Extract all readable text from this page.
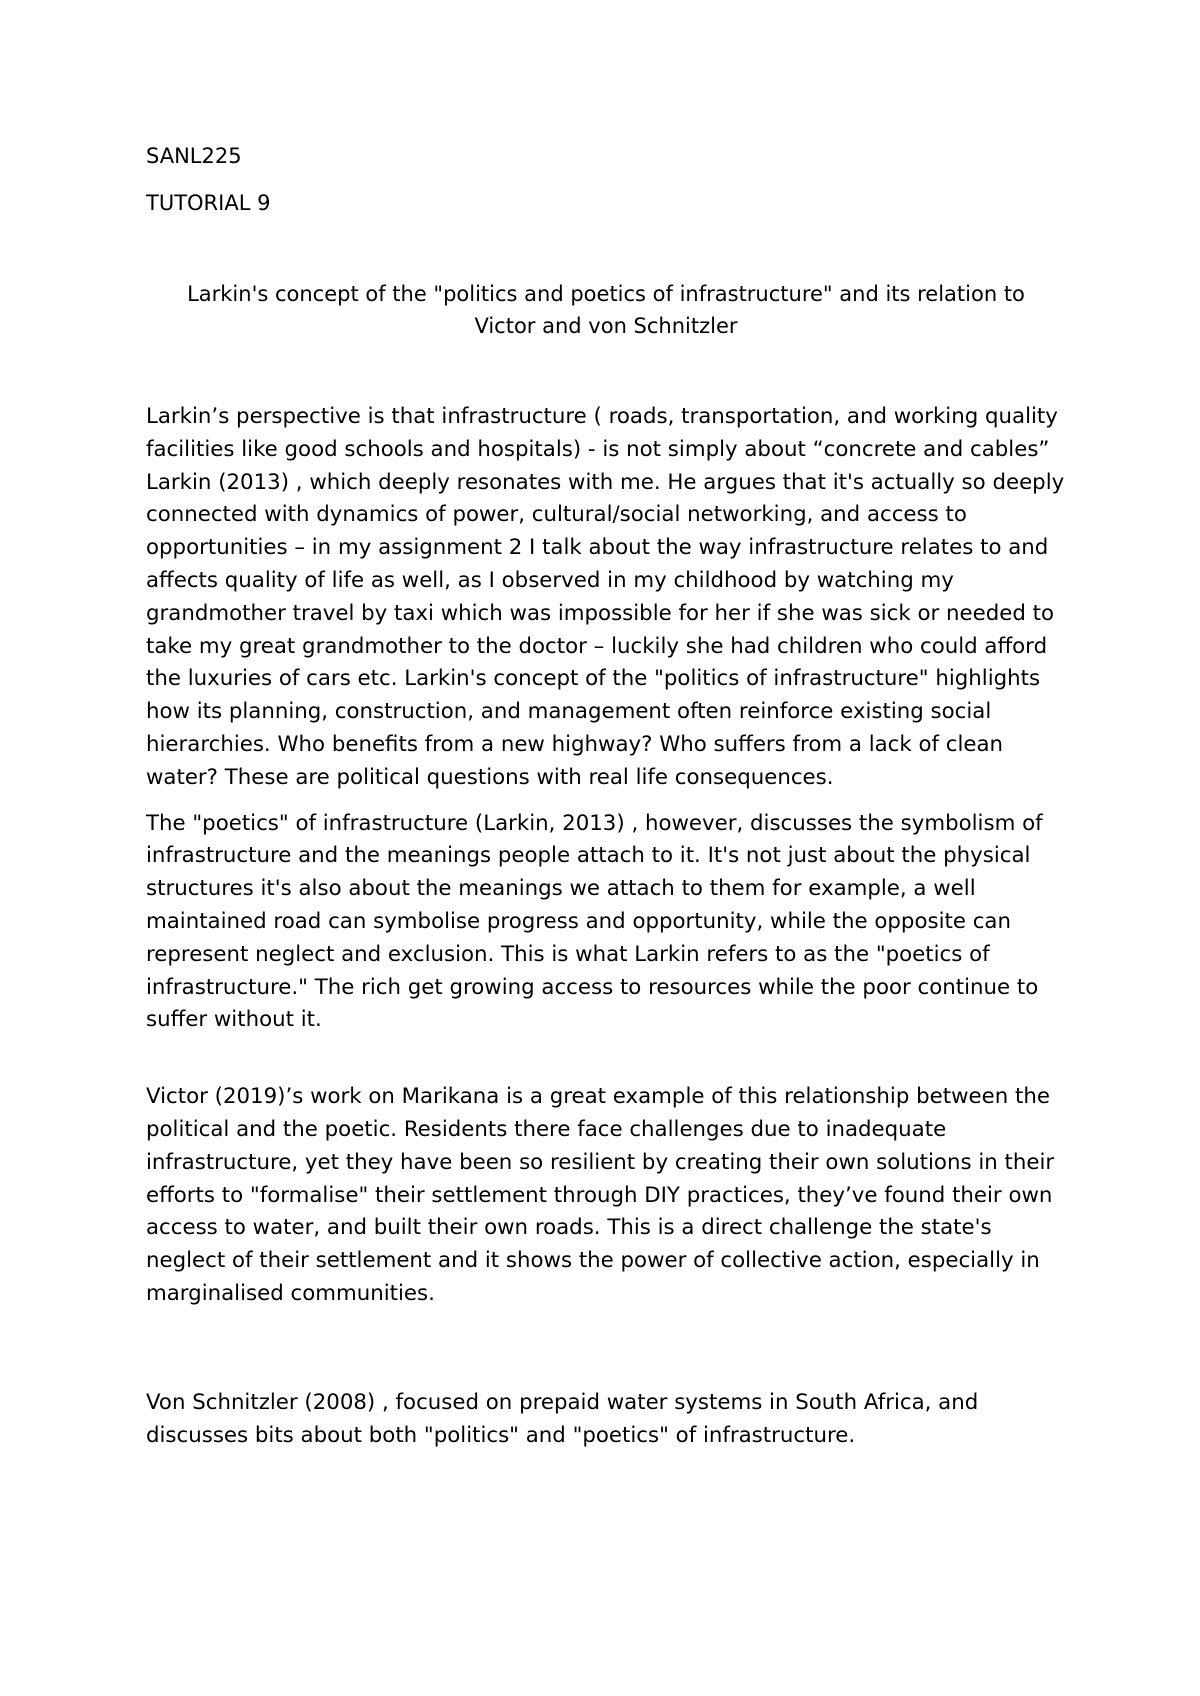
SANL225

TUTORIAL 9

Larkin's concept of the "politics and poetics of infrastructure" and its relation to Victor and von Schnitzler

Larkin’s perspective is that infrastructure ( roads, transportation, and working quality facilities like good schools and hospitals) - is not simply about “concrete and cables” Larkin (2013) , which deeply resonates with me. He argues that it's actually so deeply connected with dynamics of power, cultural/social networking, and access to opportunities – in my assignment 2 I talk about the way infrastructure relates to and affects quality of life as well, as I observed in my childhood by watching my grandmother travel by taxi which was impossible for her if she was sick or needed to take my great grandmother to the doctor – luckily she had children who could afford the luxuries of cars etc. Larkin's concept of the "politics of infrastructure" highlights how its planning, construction, and management often reinforce existing social hierarchies. Who benefits from a new highway? Who suffers from a lack of clean water? These are political questions with real life consequences.

The "poetics" of infrastructure (Larkin, 2013) , however, discusses the symbolism of infrastructure and the meanings people attach to it. It's not just about the physical structures it's also about the meanings we attach to them for example, a well maintained road can symbolise progress and opportunity, while the opposite can represent neglect and exclusion. This is what Larkin refers to as the "poetics of infrastructure." The rich get growing access to resources while the poor continue to suffer without it.

Victor (2019)’s work on Marikana is a great example of this relationship between the political and the poetic. Residents there face challenges due to inadequate infrastructure, yet they have been so resilient by creating their own solutions in their efforts to "formalise" their settlement through DIY practices, they’ve found their own access to water, and built their own roads. This is a direct challenge the state's neglect of their settlement and it shows the power of collective action, especially in marginalised communities.

Von Schnitzler (2008) , focused on prepaid water systems in South Africa, and discusses bits about both "politics" and "poetics" of infrastructure.
